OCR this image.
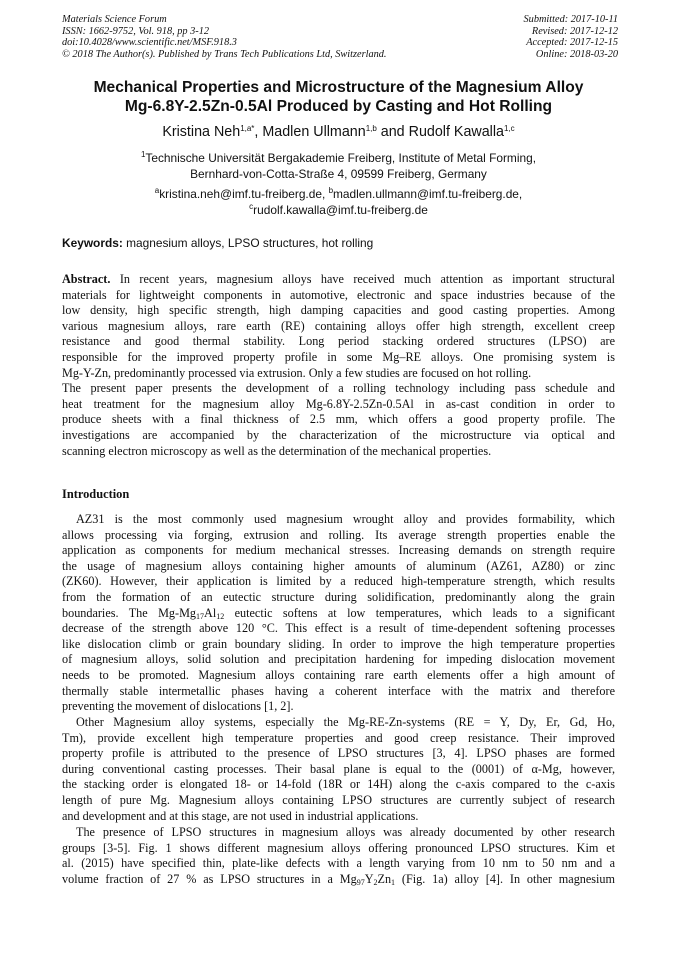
Materials Science Forum
ISSN: 1662-9752, Vol. 918, pp 3-12
doi:10.4028/www.scientific.net/MSF.918.3
© 2018 The Author(s). Published by Trans Tech Publications Ltd, Switzerland.
Submitted: 2017-10-11
Revised: 2017-12-12
Accepted: 2017-12-15
Online: 2018-03-20
Mechanical Properties and Microstructure of the Magnesium Alloy
Mg-6.8Y-2.5Zn-0.5Al Produced by Casting and Hot Rolling
Kristina Neh$^{1,a*}$, Madlen Ullmann$^{1,b}$ and Rudolf Kawalla$^{1,c}$
$^1$Technische Universität Bergakademie Freiberg, Institute of Metal Forming,
Bernhard-von-Cotta-Straße 4, 09599 Freiberg, Germany
$^a$kristina.neh@imf.tu-freiberg.de, $^b$madlen.ullmann@imf.tu-freiberg.de,
$^c$rudolf.kawalla@imf.tu-freiberg.de
Keywords: magnesium alloys, LPSO structures, hot rolling
Abstract. In recent years, magnesium alloys have received much attention as important structural
materials for lightweight components in automotive, electronic and space industries because of the
low density, high specific strength, high damping capacities and good casting properties. Among
various magnesium alloys, rare earth (RE) containing alloys offer high strength, excellent creep
resistance and good thermal stability. Long period stacking ordered structures (LPSO) are
responsible for the improved property profile in some Mg–RE alloys. One promising system is
Mg-Y-Zn, predominantly processed via extrusion. Only a few studies are focused on hot rolling.
The present paper presents the development of a rolling technology including pass schedule and
heat treatment for the magnesium alloy Mg-6.8Y-2.5Zn-0.5Al in as-cast condition in order to
produce sheets with a final thickness of 2.5 mm, which offers a good property profile. The
investigations are accompanied by the characterization of the microstructure via optical and
scanning electron microscopy as well as the determination of the mechanical properties.
Introduction
AZ31 is the most commonly used magnesium wrought alloy and provides formability, which
allows processing via forging, extrusion and rolling. Its average strength properties enable the
application as components for medium mechanical stresses. Increasing demands on strength require
the usage of magnesium alloys containing higher amounts of aluminum (AZ61, AZ80) or zinc
(ZK60). However, their application is limited by a reduced high-temperature strength, which results
from the formation of an eutectic structure during solidification, predominantly along the grain
boundaries. The $Mg-Mg_{17}Al_{12}$ eutectic softens at low temperatures, which leads to a significant
decrease of the strength above 120 °C. This effect is a result of time-dependent softening processes
like dislocation climb or grain boundary sliding. In order to improve the high temperature properties
of magnesium alloys, solid solution and precipitation hardening for impeding dislocation movement
needs to be promoted. Magnesium alloys containing rare earth elements offer a high amount of
thermally stable intermetallic phases having a coherent interface with the matrix and therefore
preventing the movement of dislocations [1, 2].
Other Magnesium alloy systems, especially the Mg-RE-Zn-systems (RE = Y, Dy, Er, Gd, Ho,
Tm), provide excellent high temperature properties and good creep resistance. Their improved
property profile is attributed to the presence of LPSO structures [3, 4]. LPSO phases are formed
during conventional casting processes. Their basal plane is equal to the (0001) of α-Mg, however,
the stacking order is elongated 18- or 14-fold (18R or 14H) along the c-axis compared to the c-axis
length of pure Mg. Magnesium alloys containing LPSO structures are currently subject of research
and development and at this stage, are not used in industrial applications.
The presence of LPSO structures in magnesium alloys was already documented by other research
groups [3-5]. Fig. 1 shows different magnesium alloys offering pronounced LPSO structures. Kim et
al. (2015) have specified thin, plate-like defects with a length varying from 10 nm to 50 nm and a
volume fraction of 27 % as LPSO structures in a $Mg_{97}Y_2Zn_1$ (Fig. 1a) alloy [4]. In other magnesium
